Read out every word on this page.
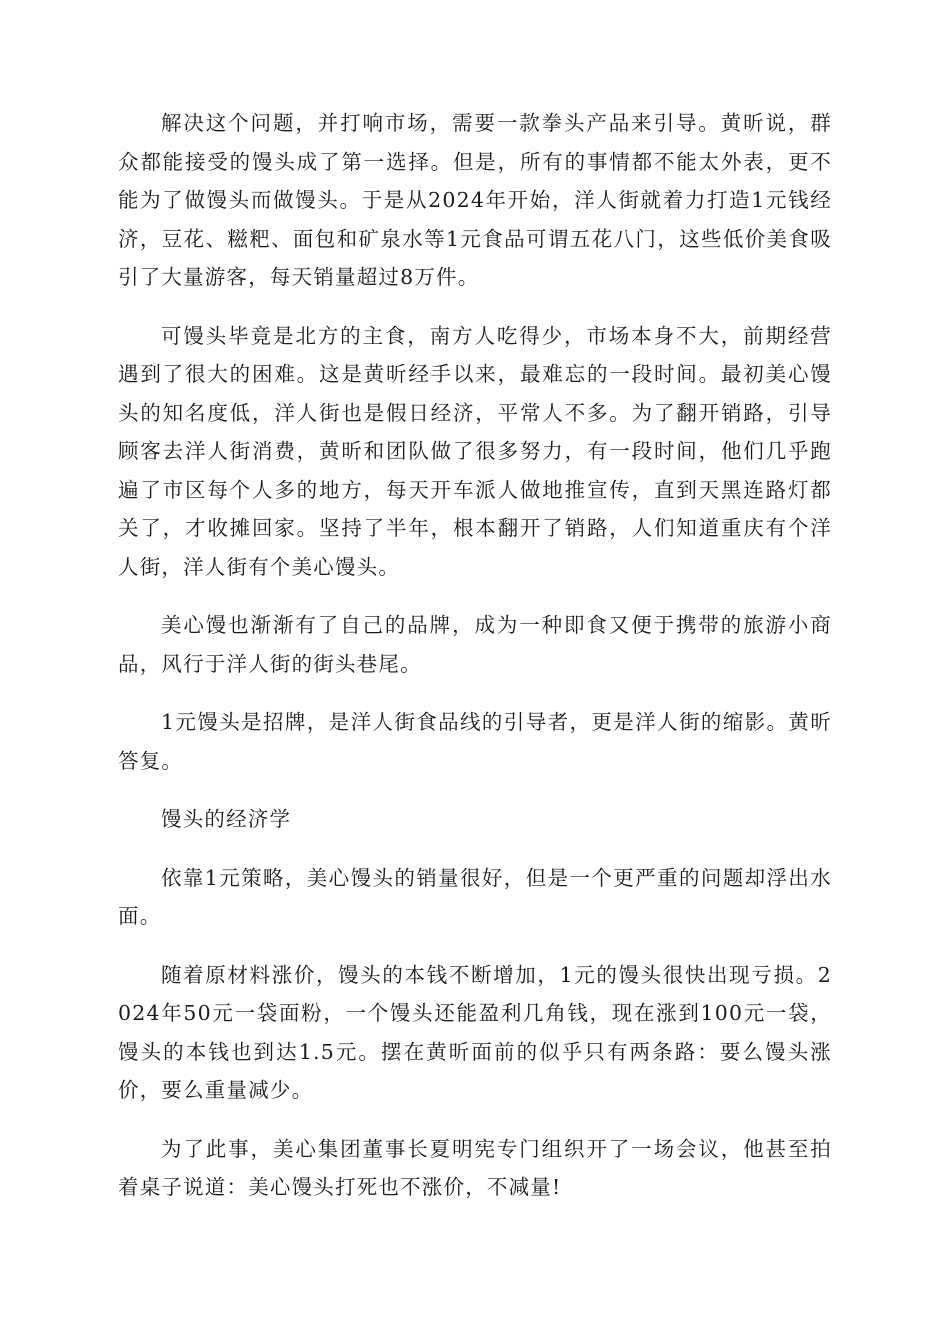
解决这个问题，并打响市场，需要一款拳头产品来引导。黄昕说，群众都能接受的馒头成了第一选择。但是，所有的事情都不能太外表，更不能为了做馒头而做馒头。于是从2024年开始，洋人街就着力打造1元钱经济，豆花、糍粑、面包和矿泉水等1元食品可谓五花八门，这些低价美食吸引了大量游客，每天销量超过8万件。

可馒头毕竟是北方的主食，南方人吃得少，市场本身不大，前期经营遇到了很大的困难。这是黄昕经手以来，最难忘的一段时间。最初美心馒头的知名度低，洋人街也是假日经济，平常人不多。为了翻开销路，引导顾客去洋人街消费，黄昕和团队做了很多努力，有一段时间，他们几乎跑遍了市区每个人多的地方，每天开车派人做地推宣传，直到天黑连路灯都关了，才收摊回家。坚持了半年，根本翻开了销路，人们知道重庆有个洋人街，洋人街有个美心馒头。

美心馒也渐渐有了自己的品牌，成为一种即食又便于携带的旅游小商品，风行于洋人街的街头巷尾。

1元馒头是招牌，是洋人街食品线的引导者，更是洋人街的缩影。黄昕答复。

馒头的经济学

依靠1元策略，美心馒头的销量很好，但是一个更严重的问题却浮出水面。

随着原材料涨价，馒头的本钱不断增加，1元的馒头很快出现亏损。2024年50元一袋面粉，一个馒头还能盈利几角钱，现在涨到100元一袋，馒头的本钱也到达1.5元。摆在黄昕面前的似乎只有两条路：要么馒头涨价，要么重量减少。

为了此事，美心集团董事长夏明宪专门组织开了一场会议，他甚至拍着桌子说道：美心馒头打死也不涨价，不减量!
